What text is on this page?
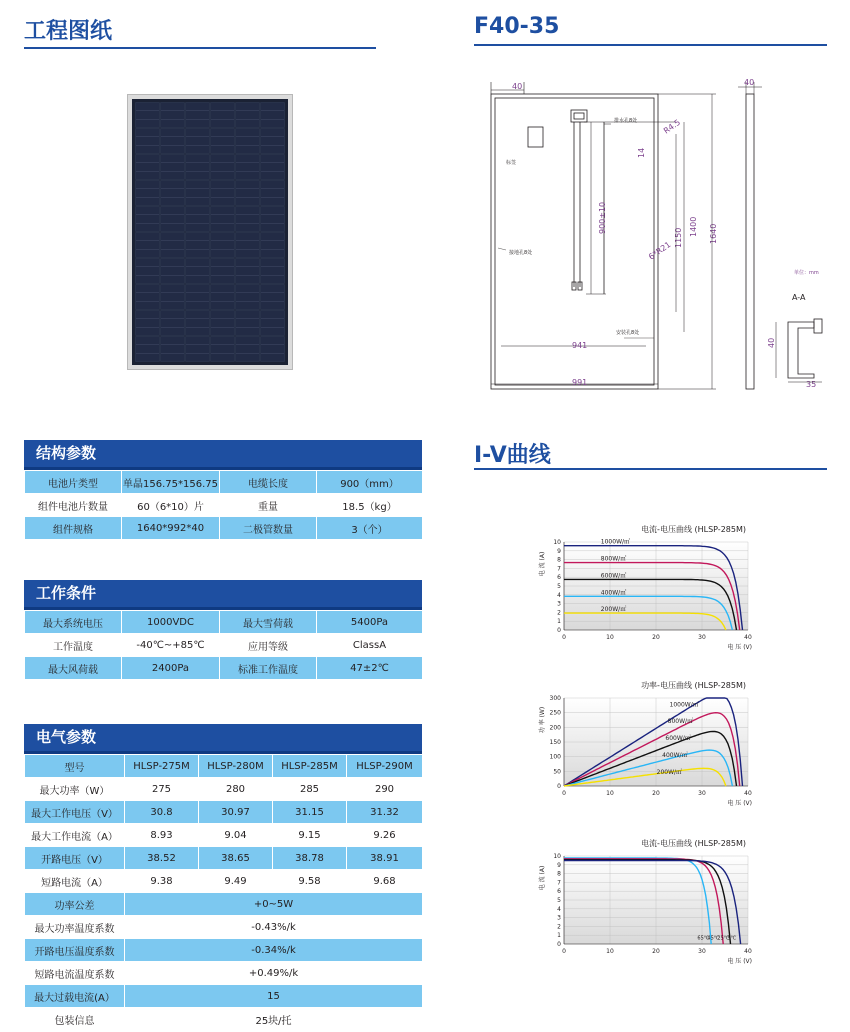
工程图纸	F40-35
I-V曲线
40
排水孔8处
标签
接地孔8处
安装孔8处
R4.5
14
900±10
6*R21
1150
1400 1640
941
991
40
单位：mm
A-A
40
35
结构参数
电池片类型	单晶156.75*156.75	电缆长度	900（mm）
组件电池片数量	60（6*10）片	重量	18.5（kg）
组件规格	1640*992*40	二极管数量	3（个）
工作条件
最大系统电压	1000VDC	最大雪荷载	5400Pa
工作温度	-40℃~+85℃	应用等级	ClassA
最大风荷载	2400Pa	标准工作温度	47±2℃
电气参数
型号	HLSP-275M	HLSP-280M	HLSP-285M	HLSP-290M
最大功率（W）	275	280	285	290
最大工作电压（V）	30.8	30.97	31.15	31.32
最大工作电流（A）	8.93	9.04	9.15	9.26
开路电压（V）	38.52	38.65	38.78	38.91
短路电流（A）	9.38	9.49	9.58	9.68
功率公差	+0~5W			
最大功率温度系数	-0.43%/k			
开路电压温度系数	-0.34%/k			
短路电流温度系数	+0.49%/k			
最大过载电流(A）	15			
包装信息	25块/托			
电流-电压曲线 (HLSP-285M)
0
1
2
3
4
5
6
7
8
9
10
0	10	20	30	40
电 压 (V)
电 流 (A)
1000W/㎡
800W/㎡
600W/㎡
400W/㎡
200W/㎡
功率-电压曲线 (HLSP-285M)
0
50
100
150
200
250
300
0	10	20	30	40
电 压 (V)
功 率 (W)
1000W/㎡
800W/㎡
600W/㎡
400W/㎡
200W/㎡
电流-电压曲线 (HLSP-285M)
0
1
2
3
4
5
6
7
8
9
10
0	10	20	30	40
电 压 (V)
电 流 (A)
65℃
45℃
25℃
5℃
